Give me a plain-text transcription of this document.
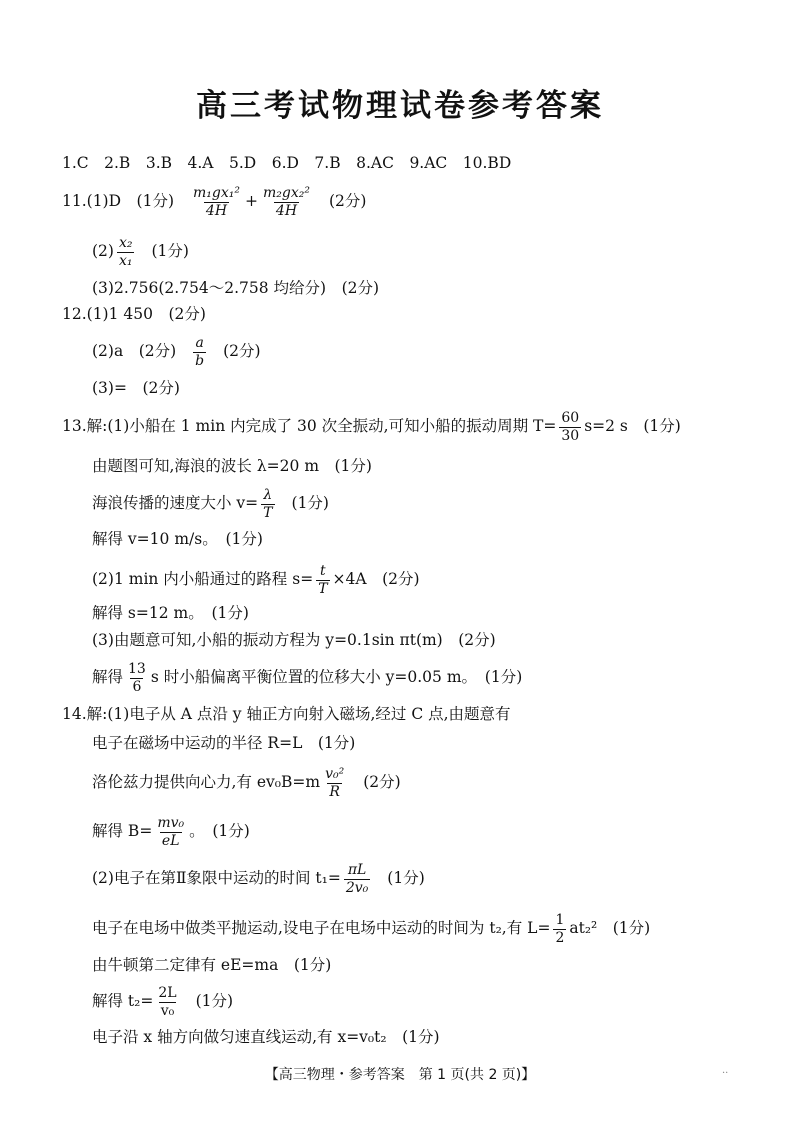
高三考试物理试卷参考答案
1.C　2.B　3.B　4.A　5.D　6.D　7.B　8.AC　9.AC　10.BD
11.(1)D　(1分) $\frac{\text{m₁gx₁²}}{4H} + \frac{\text{m₂gx₂²}}{4H} (2$分)
$(2) \frac{\text{x₂}}{\text{x₁}} (1$分)
(3)2.756(2.754～2.758 均给分)　(2分)
12.(1)1 450　(2分)
(2)a　(2分) $\frac{a}{b} (2$分)
(3)=　(2分)
13.解:(1)小船在 1 min 内完成了 30 次全振动,可知小船的振动周期 $T= \frac{60}{30} s=2$ s　(1分)
由题图可知,海浪的波长 λ=20 m　(1分)
海浪传播的速度大小 $v= \frac{\lambda}{T} (1$分)
解得 v=10 m/s。　(1分)
(2)1 min 内小船通过的路程 $s= \frac{t}{T} \times 4A$　(2分)
解得 s=12 m。　(1分)
(3)由题意可知,小船的振动方程为 y=0.1sin πt(m)　(2分)
解得 $\frac{13}{6}$ s 时小船偏离平衡位置的位移大小 y=0.05 m。　(1分)
14.解:(1)电子从 A 点沿 y 轴正方向射入磁场,经过 C 点,由题意有
电子在磁场中运动的半径 R=L　(1分)
洛伦兹力提供向心力,有 $ev_0B=m \frac{\text{v₀²}}{R} (2$分)
解得 $B= \frac{\text{mv₀}}{eL}$ 。　(1分)
(2)电子在第Ⅱ象限中运动的时间 $t_1= \frac{\pi L}{\text{2v₀}} (1$分)
电子在电场中做类平抛运动,设电子在电场中运动的时间为 t₂,有 $L= \frac{1}{2} at_2^2$　(1分)
由牛顿第二定律有 eE=ma　(1分)
解得 $t_2= \frac{2L}{\text{v₀}} (1$分)
电子沿 x 轴方向做匀速直线运动,有 x=v₀t₂　(1分)
【高三物理・参考答案　第 1 页(共 2 页)】	··
